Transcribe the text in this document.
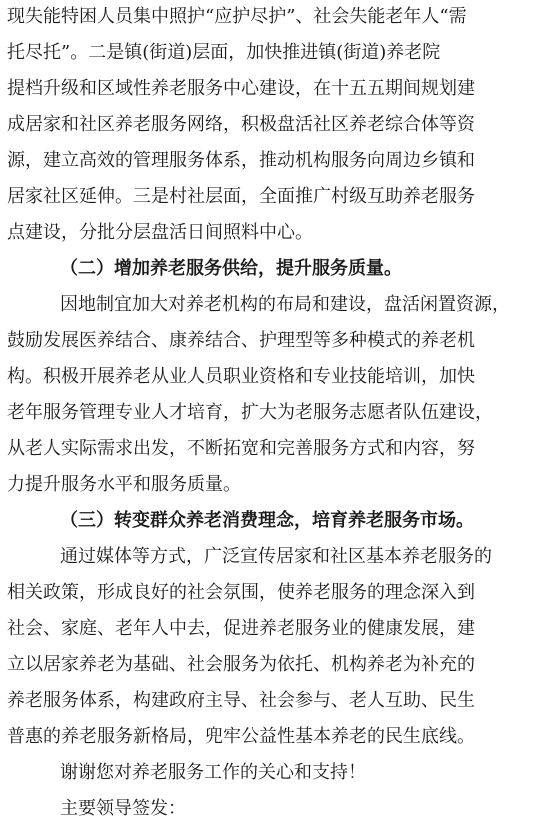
现失能特困人员集中照护“应护尽护”、社会失能老年人“需
托尽托”。二是镇(街道)层面，加快推进镇(街道)养老院
提档升级和区域性养老服务中心建设，在十五五期间规划建
成居家和社区养老服务网络，积极盘活社区养老综合体等资
源，建立高效的管理服务体系，推动机构服务向周边乡镇和
居家社区延伸。三是村社层面，全面推广村级互助养老服务
点建设，分批分层盘活日间照料中心。
（二）增加养老服务供给，提升服务质量。
因地制宜加大对养老机构的布局和建设，盘活闲置资源，
鼓励发展医养结合、康养结合、护理型等多种模式的养老机
构。积极开展养老从业人员职业资格和专业技能培训，加快
老年服务管理专业人才培育，扩大为老服务志愿者队伍建设，
从老人实际需求出发，不断拓宽和完善服务方式和内容，努
力提升服务水平和服务质量。
（三）转变群众养老消费理念，培育养老服务市场。
通过媒体等方式，广泛宣传居家和社区基本养老服务的
相关政策，形成良好的社会氛围，使养老服务的理念深入到
社会、家庭、老年人中去，促进养老服务业的健康发展，建
立以居家养老为基础、社会服务为依托、机构养老为补充的
养老服务体系，构建政府主导、社会参与、老人互助、民生
普惠的养老服务新格局，兜牢公益性基本养老的民生底线。
谢谢您对养老服务工作的关心和支持！
主要领导签发：
